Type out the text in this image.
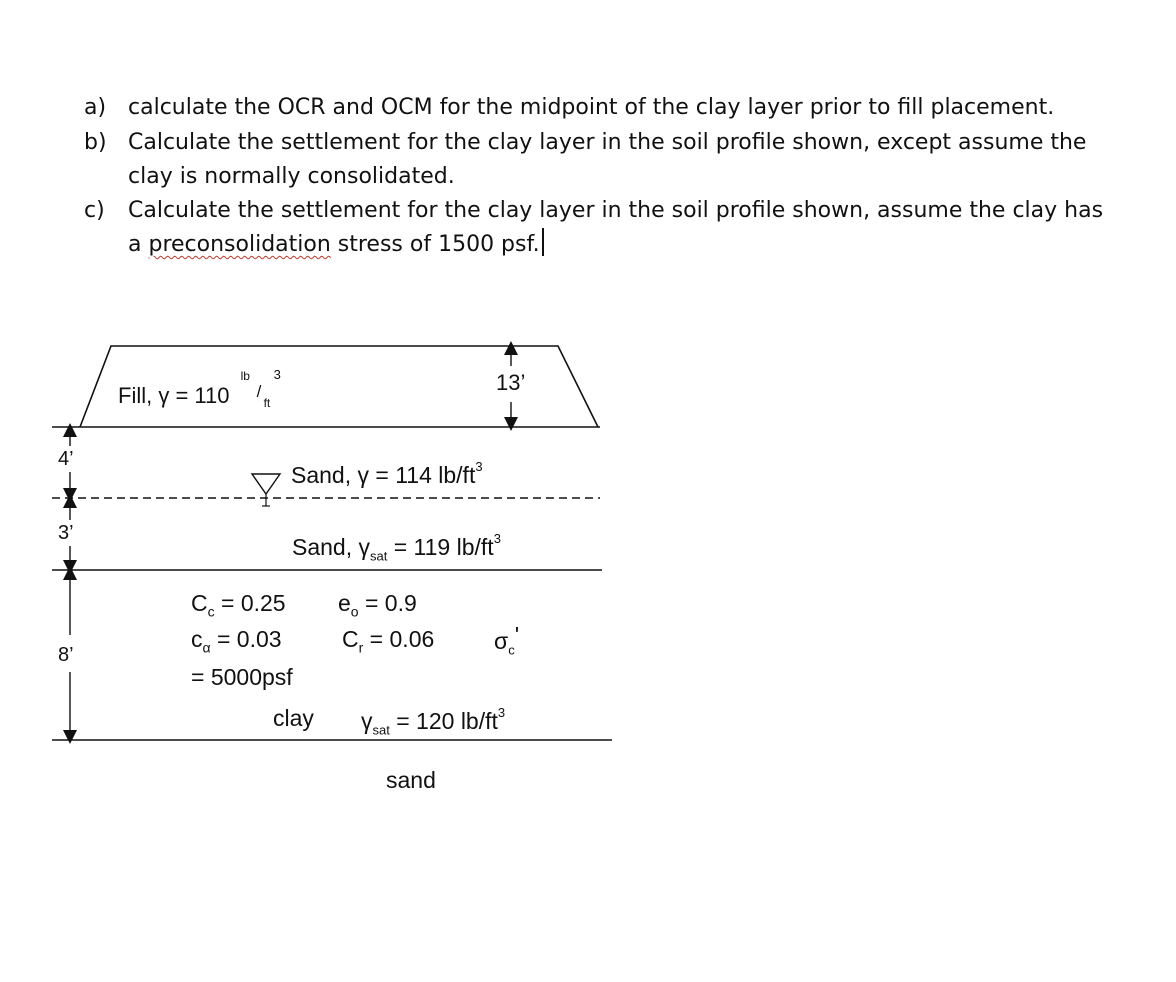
a) calculate the OCR and OCM for the midpoint of the clay layer prior to fill placement.
b) Calculate the settlement for the clay layer in the soil profile shown, except assume the
clay is normally consolidated.
c) Calculate the settlement for the clay layer in the soil profile shown, assume the clay has
a preconsolidation stress of 1500 psf.
Fill, γ = 110
lb
/
ft
3	13’
Sand, γ = 114 $lb/ft^3$
4’
Sand, $\gamma_{sat} = 119$ $lb/ft^3$
3’
$C_c = 0.25$ $e_o = 0.9$
$c_\alpha = 0.03$	$C_r = 0.06$	$\sigma_c'$
= 5000psf
clay $\gamma_{sat} = 120$ $lb/ft^3$
8’
sand
